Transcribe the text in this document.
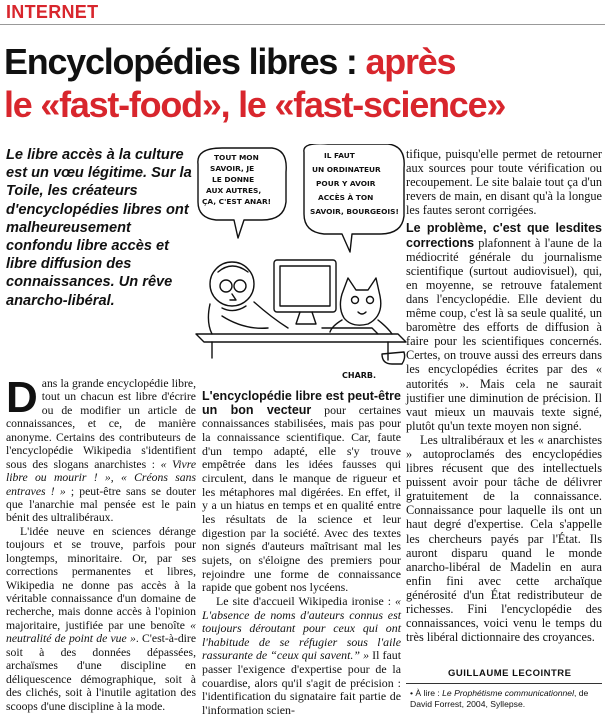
INTERNET
Encyclopédies libres : après
le «fast-food», le «fast-science»
Le libre accès à la culture est un vœu légitime. Sur la Toile, les créateurs d'encyclopédies libres ont malheureusement confondu libre accès et libre diffusion des connaissances. Un rêve anarcho-libéral.
TOUT MON
SAVOIR, JE
LE DONNE
AUX AUTRES,
ÇA, C'EST ANAR!
IL FAUT
UN ORDINATEUR
POUR Y AVOIR
ACCÈS À TON
SAVOIR, BOURGEOIS!
CHARB.

Dans la grande encyclopédie libre, tout un chacun est libre d'écrire ou de modifier un article de connaissances, et ce, de manière anonyme. Certains des contributeurs de l'encyclopédie Wikipedia s'identifient sous des slogans anarchistes : « Vivre libre ou mourir ! », « Créons sans entraves ! » ; peut-être sans se douter que l'anarchie mal pensée est le pain bénit des ultralibéraux.

L'idée neuve en sciences dérange toujours et se trouve, parfois pour longtemps, minoritaire. Or, par ses corrections permanentes et libres, Wikipedia ne donne pas accès à la véritable connaissance d'un domaine de recherche, mais donne accès à l'opinion majoritaire, justifiée par une benoîte « neutralité de point de vue ». C'est-à-dire soit à des données dépassées, archaïsmes d'une discipline en déliquescence démographique, soit à des clichés, soit à l'inutile agitation des scoops d'une discipline à la mode.

L'encyclopédie libre est peut-être un bon vecteur pour certaines connaissances stabilisées, mais pas pour la connaissance scientifique. Car, faute d'un tempo adapté, elle s'y trouve empêtrée dans les idées fausses qui circulent, dans le manque de rigueur et les métaphores mal digérées. En effet, il y a un hiatus en temps et en qualité entre les résultats de la science et leur digestion par la société. Avec des textes non signés d'auteurs maîtrisant mal les sujets, on s'éloigne des premiers pour rejoindre une forme de connaissance rapide que gobent nos lycéens.

Le site d'accueil Wikipedia ironise : « L'absence de noms d'auteurs connus est toujours déroutant pour ceux qui ont l'habitude de se réfugier sous l'aile rassurante de “ceux qui savent.” » Il faut passer l'exigence d'expertise pour de la couardise, alors qu'il s'agit de précision : l'identification du signataire fait partie de l'information scien-

tifique, puisqu'elle permet de retourner aux sources pour toute vérification ou recoupement. Le site balaie tout ça d'un revers de main, en disant qu'à la longue les fautes seront corrigées.

Le problème, c'est que lesdites corrections plafonnent à l'aune de la médiocrité générale du journalisme scientifique (surtout audiovisuel), qui, en moyenne, se retrouve fatalement dans l'encyclopédie. Elle devient du même coup, c'est là sa seule qualité, un baromètre des efforts de diffusion à faire pour les scientifiques concernés. Certes, on trouve aussi des erreurs dans les encyclopédies écrites par des « autorités ». Mais cela ne saurait justifier une diminution de précision. Il vaut mieux un mauvais texte signé, plutôt qu'un texte moyen non signé.

Les ultralibéraux et les « anarchistes » autoproclamés des encyclopédies libres récusent que des intellectuels puissent avoir pour tâche de délivrer gratuitement de la connaissance. Connaissance pour laquelle ils ont un haut degré d'expertise. Cela s'appelle les chercheurs payés par l'État. Ils auront disparu quand le monde anarcho-libéral de Madelin en aura enfin fini avec cette archaïque générosité d'un État redistributeur de richesses. Fini l'encyclopédie des connaissances, voici venu le temps du très libéral dictionnaire des croyances.

GUILLAUME LECOINTRE
• À lire : Le Prophétisme communicationnel, de David Forrest, 2004, Syllepse.
